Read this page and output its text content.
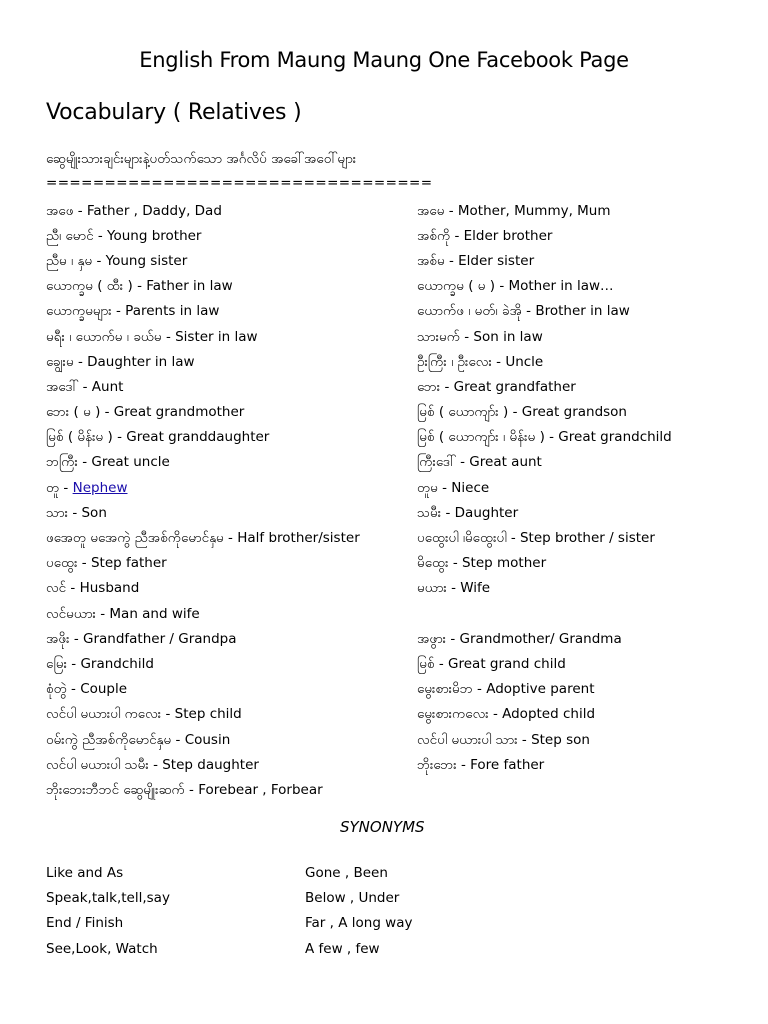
English From Maung Maung One Facebook Page
Vocabulary ( Relatives )
ဆွေမျိုးသားချင်းများနဲ့ပတ်သက်သော အင်္ဂလိပ် အခေါ်အဝေါ်များ
=================================
အဖေ - Father , Daddy, Dad	အမေ - Mother, Mummy, Mum
ညီ၊ မောင် - Young brother	အစ်ကို - Elder brother
ညီမ ၊ နှမ - Young sister	အစ်မ - Elder sister
ယောက္ခမ ( ထီး ) - Father in law	ယောက္ခမ ( မ ) - Mother in law…
ယောက္ခမများ - Parents in law	ယောက်ဖ ၊ မတ်၊ ခဲအို - Brother in law
မရီး ၊ ယောက်မ ၊ ခယ်မ - Sister in law	သားမက် - Son in law
ချွေးမ - Daughter in law	ဦးကြီး ၊ ဦးလေး - Uncle
အဒေါ် - Aunt	ဘေး - Great grandfather
ဘေး ( မ ) - Great grandmother	မြစ် ( ယောကျာ်း ) - Great grandson
မြစ် ( မိန်းမ ) - Great granddaughter	မြစ် ( ယောကျာ်း ၊ မိန်းမ ) - Great grandchild
ဘကြီး - Great uncle	ကြီးဒေါ် - Great aunt
တူ - Nephew	တူမ - Niece
သား - Son	သမီး - Daughter
ဖအေတူ မအေကွဲ ညီအစ်ကိုမောင်နှမ - Half brother/sister	ပထွေးပါ ၊မိထွေးပါ - Step brother / sister
ပထွေး - Step father	မိထွေး - Step mother
လင် - Husband	မယား - Wife
လင်မယား - Man and wife
အဖိုး - Grandfather / Grandpa	အဖွား - Grandmother/ Grandma
မြေး - Grandchild	မြစ် - Great grand child
စုံတွဲ - Couple	မွေးစားမိဘ - Adoptive parent
လင်ပါ မယားပါ ကလေး - Step child	မွေးစားကလေး - Adopted child
ဝမ်းကွဲ ညီအစ်ကိုမောင်နှမ - Cousin	လင်ပါ မယားပါ သား - Step son
လင်ပါ မယားပါ သမီး - Step daughter	ဘိုးဘေး - Fore father
ဘိုးဘေးဘီဘင် ဆွေမျိုးဆက် - Forebear , Forbear
SYNONYMS
Like and As	Gone , Been
Speak,talk,tell,say	Below , Under
End / Finish	Far , A long way
See,Look, Watch	A few , few
